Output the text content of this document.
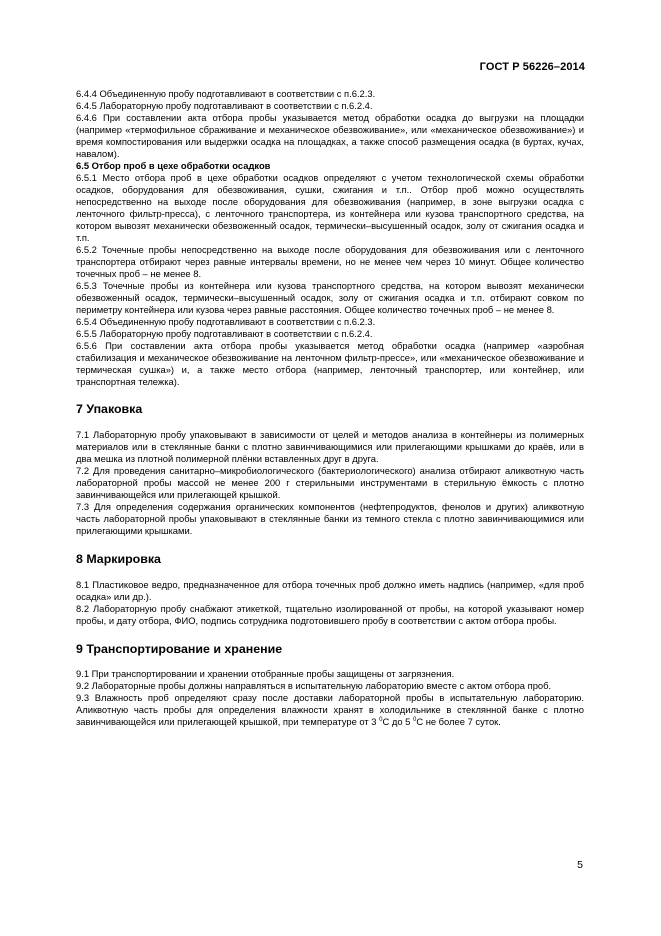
ГОСТ Р 56226–2014

6.4.4 Объединенную пробу подготавливают в соответствии с п.6.2.3.

6.4.5 Лабораторную пробу подготавливают в соответствии с п.6.2.4.

6.4.6 При составлении акта отбора пробы указывается метод обработки осадка до выгрузки на площадки (например «термофильное сбраживание и механическое обезвоживание», или «механическое обезвоживание») и время компостирования или выдержки осадка на площадках, а также способ размещения осадка (в буртах, кучах, навалом).

6.5 Отбор проб в цехе обработки осадков

6.5.1 Место отбора проб в цехе обработки осадков определяют с учетом технологической схемы обработки осадков, оборудования для обезвоживания, сушки, сжигания и т.п.. Отбор проб можно осуществлять непосредственно на выходе после оборудования для обезвоживания (например, в зоне выгрузки осадка с ленточного фильтр-пресса), с ленточного транспортера, из контейнера или кузова транспортного средства, на котором вывозят механически обезвоженный осадок, термически–высушенный осадок, золу от сжигания осадка и т.п.

6.5.2 Точечные пробы непосредственно на выходе после оборудования для обезвоживания или с ленточного транспортера отбирают через равные интервалы времени, но не менее чем через 10 минут. Общее количество точечных проб – не менее 8.

6.5.3 Точечные пробы из контейнера или кузова транспортного средства, на котором вывозят механически обезвоженный осадок, термически–высушенный осадок, золу от сжигания осадка и т.п. отбирают совком по периметру контейнера или кузова через равные расстояния. Общее количество точечных проб – не менее 8.

6.5.4 Объединенную пробу подготавливают в соответствии с п.6.2.3.

6.5.5 Лабораторную пробу подготавливают в соответствии с п.6.2.4.

6.5.6 При составлении акта отбора пробы указывается метод обработки осадка (например «аэробная стабилизация и механическое обезвоживание на ленточном фильтр-прессе», или «механическое обезвоживание и термическая сушка») и, а также место отбора (например, ленточный транспортер, или контейнер, или транспортная тележка).

7 Упаковка

7.1 Лабораторную пробу упаковывают в зависимости от целей и методов анализа в контейнеры из полимерных материалов или в стеклянные банки с плотно завинчивающимися или прилегающими крышками до краёв, или в два мешка из плотной полимерной плёнки вставленных друг в друга.

7.2 Для проведения санитарно–микробиологического (бактериологического) анализа отбирают аликвотную часть лабораторной пробы массой не менее 200 г стерильными инструментами в стерильную ёмкость с плотно завинчивающейся или прилегающей крышкой.

7.3 Для определения содержания органических компонентов (нефтепродуктов, фенолов и других) аликвотную часть лабораторной пробы упаковывают в стеклянные банки из темного стекла с плотно завинчивающимися или прилегающими крышками.

8 Маркировка

8.1 Пластиковое ведро, предназначенное для отбора точечных проб должно иметь надпись (например, «для проб осадка» или др.).

8.2 Лабораторную пробу снабжают этикеткой, тщательно изолированной от пробы, на которой указывают номер пробы, и дату отбора, ФИО, подпись сотрудника подготовившего пробу в соответствии с актом отбора пробы.

9 Транспортирование и хранение

9.1 При транспортировании и хранении отобранные пробы защищены от загрязнения.

9.2 Лабораторные пробы должны направляться в испытательную лабораторию вместе с актом отбора проб.

9.3 Влажность проб определяют сразу после доставки лабораторной пробы в испытательную лабораторию. Аликвотную часть пробы для определения влажности хранят в холодильнике в стеклянной банке с плотно завинчивающейся или прилегающей крышкой, при температуре от 3 $^0$С до 5 $^0$С не более 7 суток.

5
